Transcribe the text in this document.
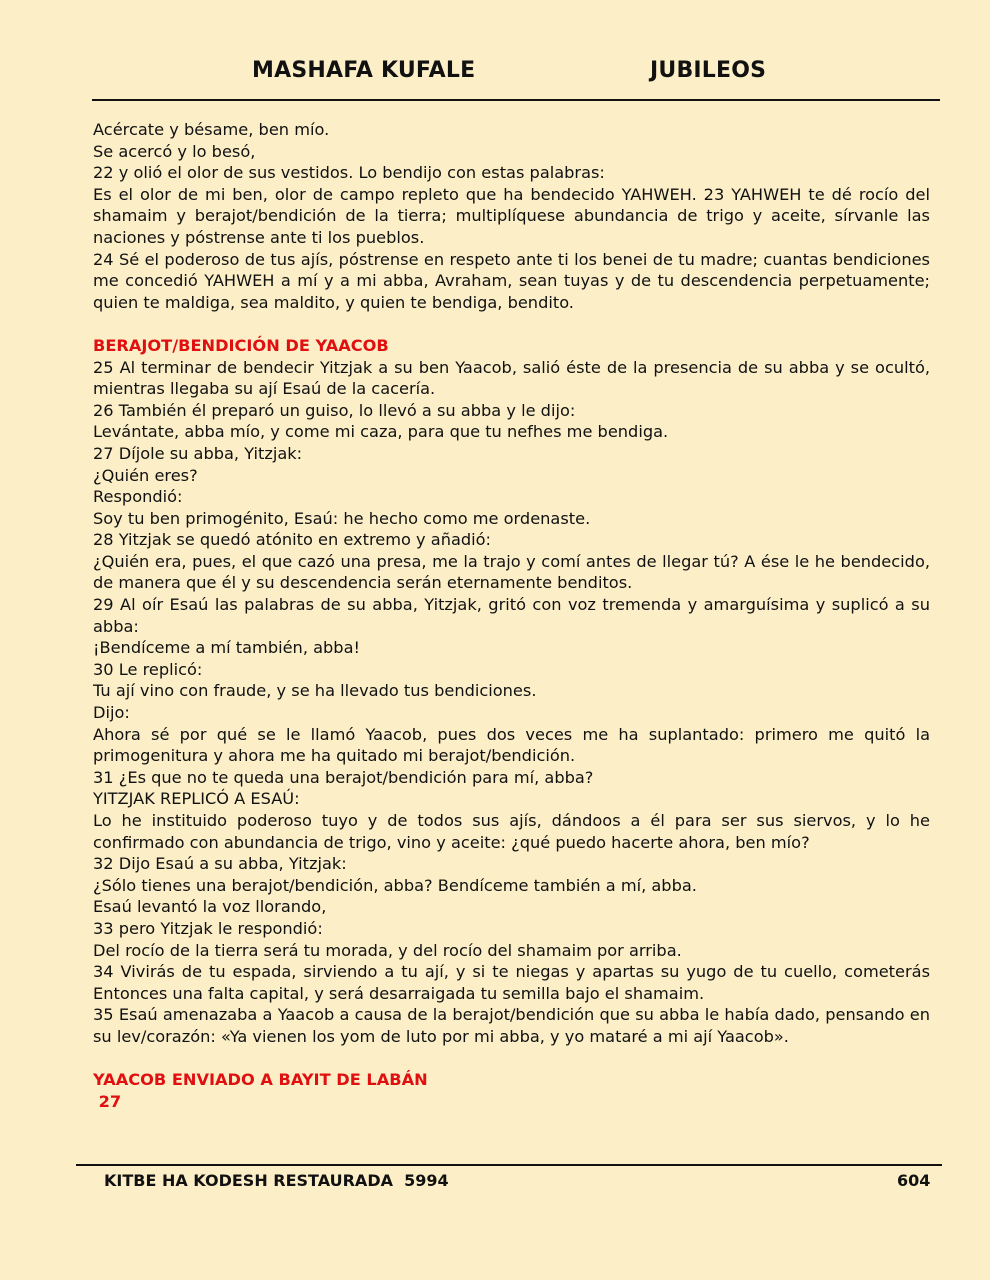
MASHAFA KUFALE	JUBILEOS

Acércate y bésame, ben mío.

Se acercó y lo besó,

22 y olió el olor de sus vestidos. Lo bendijo con estas palabras:

Es el olor de mi ben, olor de campo repleto que ha bendecido YAHWEH. 23 YAHWEH te dé rocío del shamaim y berajot/bendición de la tierra; multiplíquese abundancia de trigo y aceite, sírvanle las naciones y póstrense ante ti los pueblos.

24 Sé el poderoso de tus ajís, póstrense en respeto ante ti los benei de tu madre; cuantas bendiciones me concedió YAHWEH a mí y a mi abba, Avraham, sean tuyas y de tu descendencia perpetuamente; quien te maldiga, sea maldito, y quien te bendiga, bendito.

BERAJOT/BENDICIÓN DE YAACOB

25 Al terminar de bendecir Yitzjak a su ben Yaacob, salió éste de la presencia de su abba y se ocultó, mientras llegaba su ají Esaú de la cacería.

26 También él preparó un guiso, lo llevó a su abba y le dijo:

Levántate, abba mío, y come mi caza, para que tu nefhes me bendiga.

27 Díjole su abba, Yitzjak:

¿Quién eres?

Respondió:

Soy tu ben primogénito, Esaú: he hecho como me ordenaste.

28 Yitzjak se quedó atónito en extremo y añadió:

¿Quién era, pues, el que cazó una presa, me la trajo y comí antes de llegar tú? A ése le he bendecido, de manera que él y su descendencia serán eternamente benditos.

29 Al oír Esaú las palabras de su abba, Yitzjak, gritó con voz tremenda y amarguísima y suplicó a su abba:

¡Bendíceme a mí también, abba!

30 Le replicó:

Tu ají vino con fraude, y se ha llevado tus bendiciones.

Dijo:

Ahora sé por qué se le llamó Yaacob, pues dos veces me ha suplantado: primero me quitó la primogenitura y ahora me ha quitado mi berajot/bendición.

31 ¿Es que no te queda una berajot/bendición para mí, abba?

YITZJAK REPLICÓ A ESAÚ:

Lo he instituido poderoso tuyo y de todos sus ajís, dándoos a él para ser sus siervos, y lo he confirmado con abundancia de trigo, vino y aceite: ¿qué puedo hacerte ahora, ben mío?

32 Dijo Esaú a su abba, Yitzjak:

¿Sólo tienes una berajot/bendición, abba? Bendíceme también a mí, abba.

Esaú levantó la voz llorando,

33 pero Yitzjak le respondió:

Del rocío de la tierra será tu morada, y del rocío del shamaim por arriba.

34 Vivirás de tu espada, sirviendo a tu ají, y si te niegas y apartas su yugo de tu cuello, cometerás Entonces una falta capital, y será desarraigada tu semilla bajo el shamaim.

35 Esaú amenazaba a Yaacob a causa de la berajot/bendición que su abba le había dado, pensando en su lev/corazón: «Ya vienen los yom de luto por mi abba, y yo mataré a mi ají Yaacob».

YAACOB ENVIADO A BAYIT DE LABÁN

27

KITBE HA KODESH RESTAURADA  5994	604
